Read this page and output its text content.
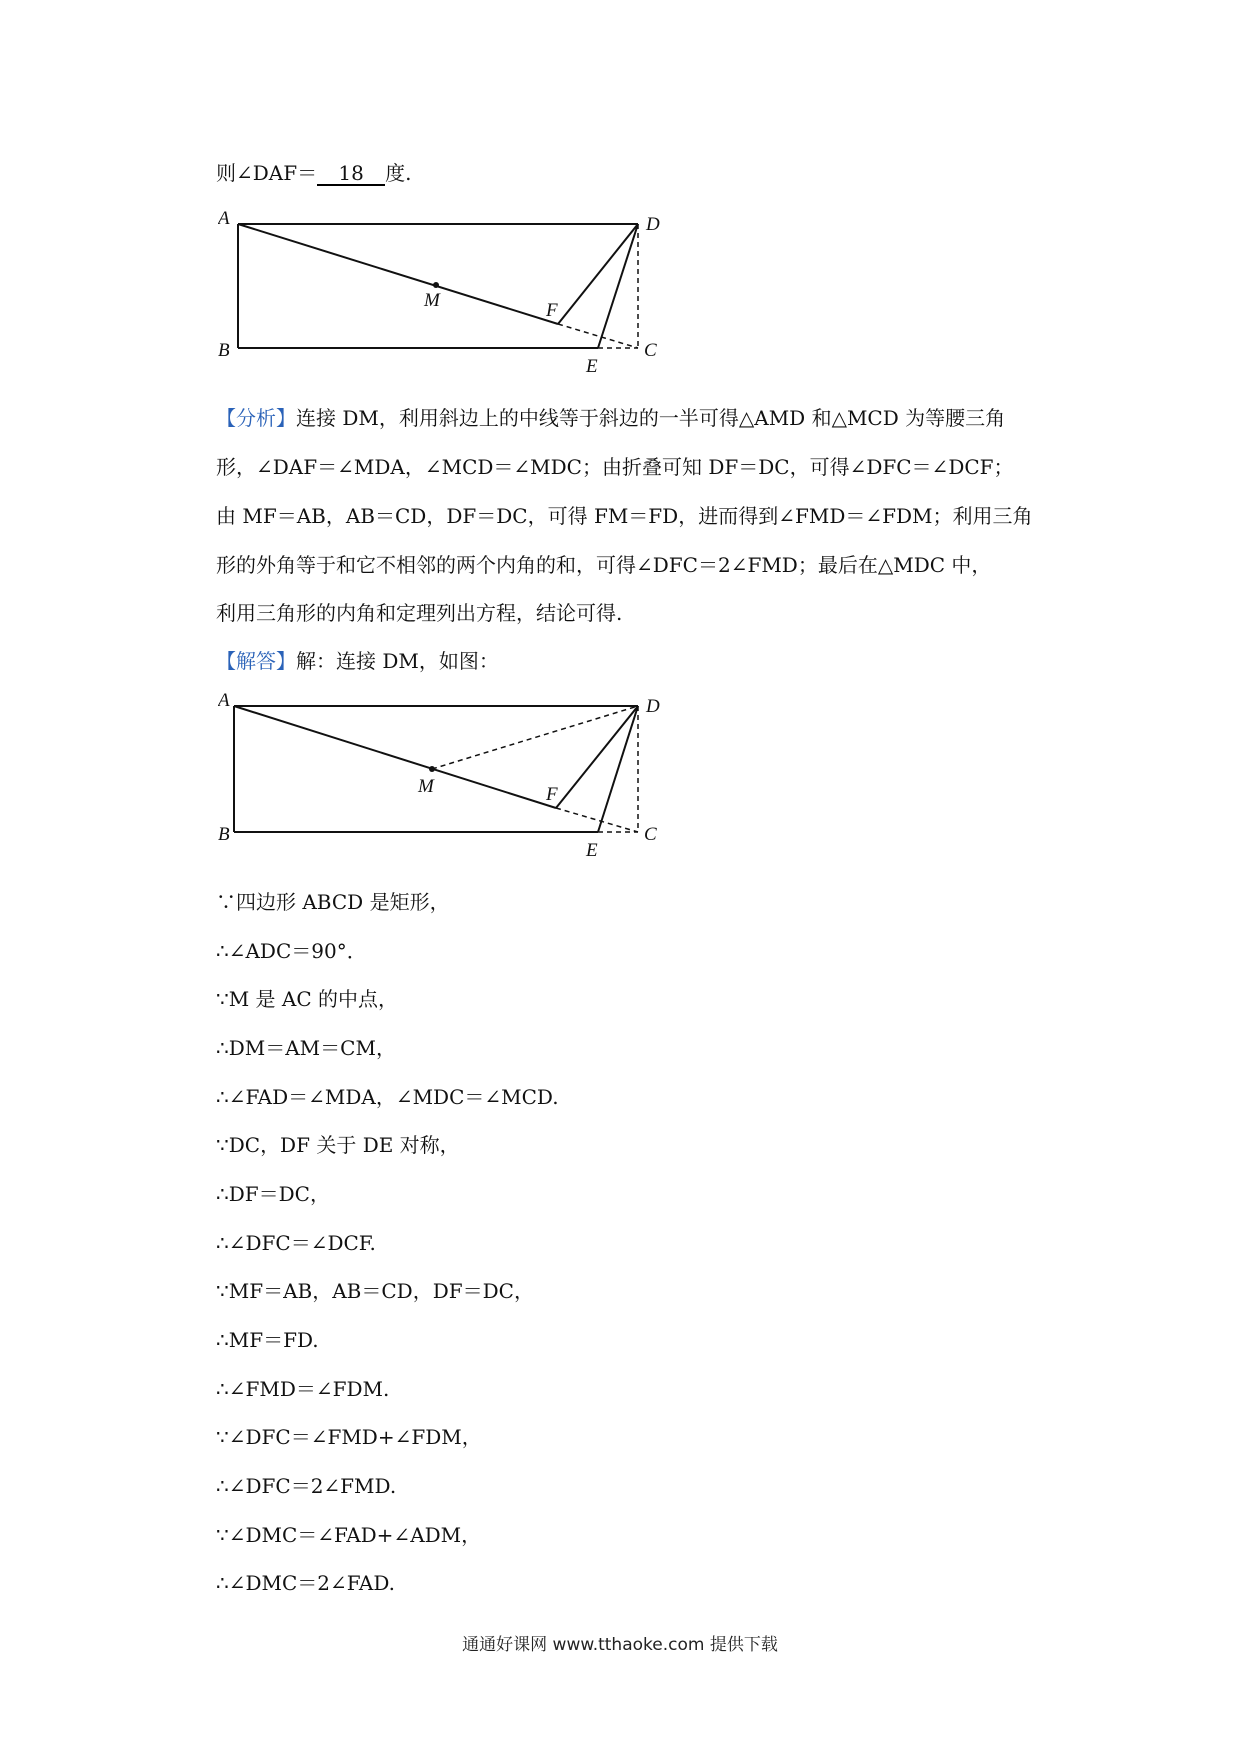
则∠DAF＝ 18 度.
A
B	C
D
E
F
M
【分析】连接 DM，利用斜边上的中线等于斜边的一半可得△AMD 和△MCD 为等腰三角
形，∠DAF＝∠MDA，∠MCD＝∠MDC；由折叠可知 DF＝DC，可得∠DFC＝∠DCF；
由 MF＝AB，AB＝CD，DF＝DC，可得 FM＝FD，进而得到∠FMD＝∠FDM；利用三角
形的外角等于和它不相邻的两个内角的和，可得∠DFC＝2∠FMD；最后在△MDC 中，
利用三角形的内角和定理列出方程，结论可得.
【解答】解：连接 DM，如图：
A
B	C
D
E
F
M
∵四边形 ABCD 是矩形，
∴∠ADC＝90°．
∵M 是 AC 的中点，
∴DM＝AM＝CM，
∴∠FAD＝∠MDA，∠MDC＝∠MCD.
∵DC，DF 关于 DE 对称，
∴DF＝DC，
∴∠DFC＝∠DCF.
∵MF＝AB，AB＝CD，DF＝DC，
∴MF＝FD.
∴∠FMD＝∠FDM.
∵∠DFC＝∠FMD+∠FDM，
∴∠DFC＝2∠FMD.
∵∠DMC＝∠FAD+∠ADM，
∴∠DMC＝2∠FAD.
通通好课网 www.tthaoke.com 提供下载
